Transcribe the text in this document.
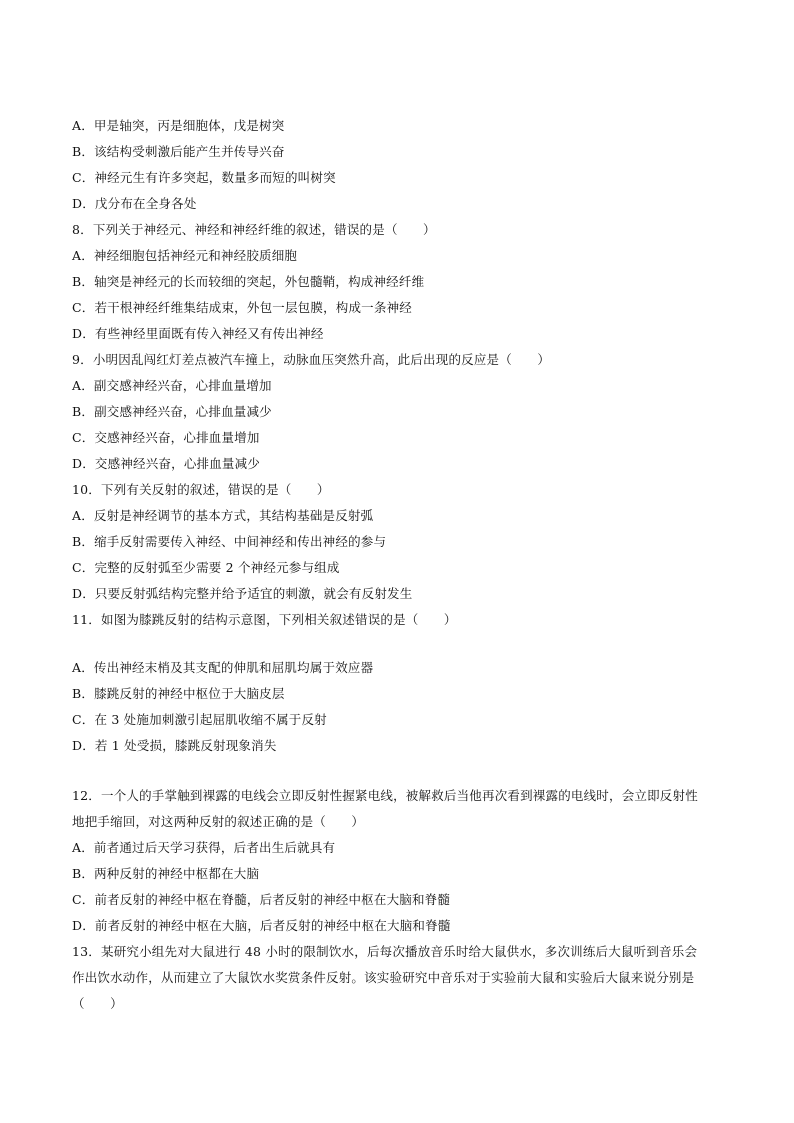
A．甲是轴突，丙是细胞体，戊是树突
B．该结构受刺激后能产生并传导兴奋
C．神经元生有许多突起，数量多而短的叫树突
D．戊分布在全身各处
8．下列关于神经元、神经和神经纤维的叙述，错误的是（　　）
A．神经细胞包括神经元和神经胶质细胞
B．轴突是神经元的长而较细的突起，外包髓鞘，构成神经纤维
C．若干根神经纤维集结成束，外包一层包膜，构成一条神经
D．有些神经里面既有传入神经又有传出神经
9．小明因乱闯红灯差点被汽车撞上，动脉血压突然升高，此后出现的反应是（　　）
A．副交感神经兴奋，心排血量增加
B．副交感神经兴奋，心排血量减少
C．交感神经兴奋，心排血量增加
D．交感神经兴奋，心排血量减少
10．下列有关反射的叙述，错误的是（　　）
A．反射是神经调节的基本方式，其结构基础是反射弧
B．缩手反射需要传入神经、中间神经和传出神经的参与
C．完整的反射弧至少需要 2 个神经元参与组成
D．只要反射弧结构完整并给予适宜的刺激，就会有反射发生
11．如图为膝跳反射的结构示意图，下列相关叙述错误的是（　　）
A．传出神经末梢及其支配的伸肌和屈肌均属于效应器
B．膝跳反射的神经中枢位于大脑皮层
C．在 3 处施加刺激引起屈肌收缩不属于反射
D．若 1 处受损，膝跳反射现象消失
12．一个人的手掌触到裸露的电线会立即反射性握紧电线，被解救后当他再次看到裸露的电线时，会立即反射性
地把手缩回，对这两种反射的叙述正确的是（　　）
A．前者通过后天学习获得，后者出生后就具有
B．两种反射的神经中枢都在大脑
C．前者反射的神经中枢在脊髓，后者反射的神经中枢在大脑和脊髓
D．前者反射的神经中枢在大脑，后者反射的神经中枢在大脑和脊髓
13．某研究小组先对大鼠进行 48 小时的限制饮水，后每次播放音乐时给大鼠供水，多次训练后大鼠听到音乐会
作出饮水动作，从而建立了大鼠饮水奖赏条件反射。该实验研究中音乐对于实验前大鼠和实验后大鼠来说分别是
（　　）
